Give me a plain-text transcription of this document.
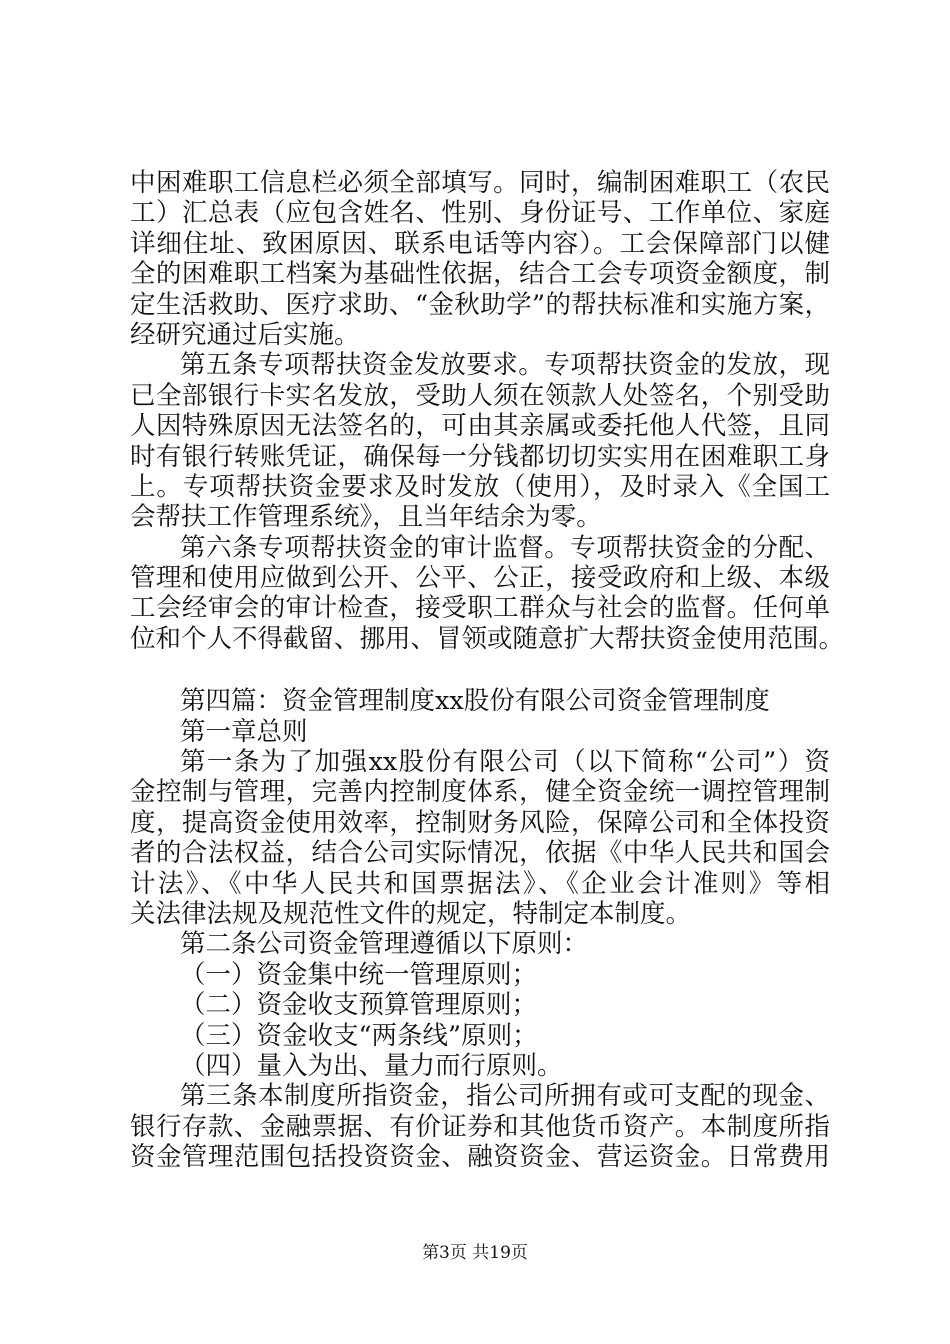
中困难职工信息栏必须全部填写。同时，编制困难职工（农民
工）汇总表（应包含姓名、性别、身份证号、工作单位、家庭
详细住址、致困原因、联系电话等内容）。工会保障部门以健
全的困难职工档案为基础性依据，结合工会专项资金额度，制
定生活救助、医疗求助、“金秋助学”的帮扶标准和实施方案，
经研究通过后实施。
第五条专项帮扶资金发放要求。专项帮扶资金的发放，现
已全部银行卡实名发放，受助人须在领款人处签名，个别受助
人因特殊原因无法签名的，可由其亲属或委托他人代签，且同
时有银行转账凭证，确保每一分钱都切切实实用在困难职工身
上。专项帮扶资金要求及时发放（使用），及时录入《全国工
会帮扶工作管理系统》，且当年结余为零。
第六条专项帮扶资金的审计监督。专项帮扶资金的分配、
管理和使用应做到公开、公平、公正，接受政府和上级、本级
工会经审会的审计检查，接受职工群众与社会的监督。任何单
位和个人不得截留、挪用、冒领或随意扩大帮扶资金使用范围。
第四篇：资金管理制度xx股份有限公司资金管理制度
第一章总则
第一条为了加强xx股份有限公司（以下简称“公司”）资
金控制与管理，完善内控制度体系，健全资金统一调控管理制
度，提高资金使用效率，控制财务风险，保障公司和全体投资
者的合法权益，结合公司实际情况，依据《中华人民共和国会
计法》、《中华人民共和国票据法》、《企业会计准则》等相
关法律法规及规范性文件的规定，特制定本制度。
第二条公司资金管理遵循以下原则：
（一）资金集中统一管理原则；
（二）资金收支预算管理原则；
（三）资金收支“两条线”原则；
（四）量入为出、量力而行原则。
第三条本制度所指资金，指公司所拥有或可支配的现金、
银行存款、金融票据、有价证券和其他货币资产。本制度所指
资金管理范围包括投资资金、融资资金、营运资金。日常费用
第3页 共19页
